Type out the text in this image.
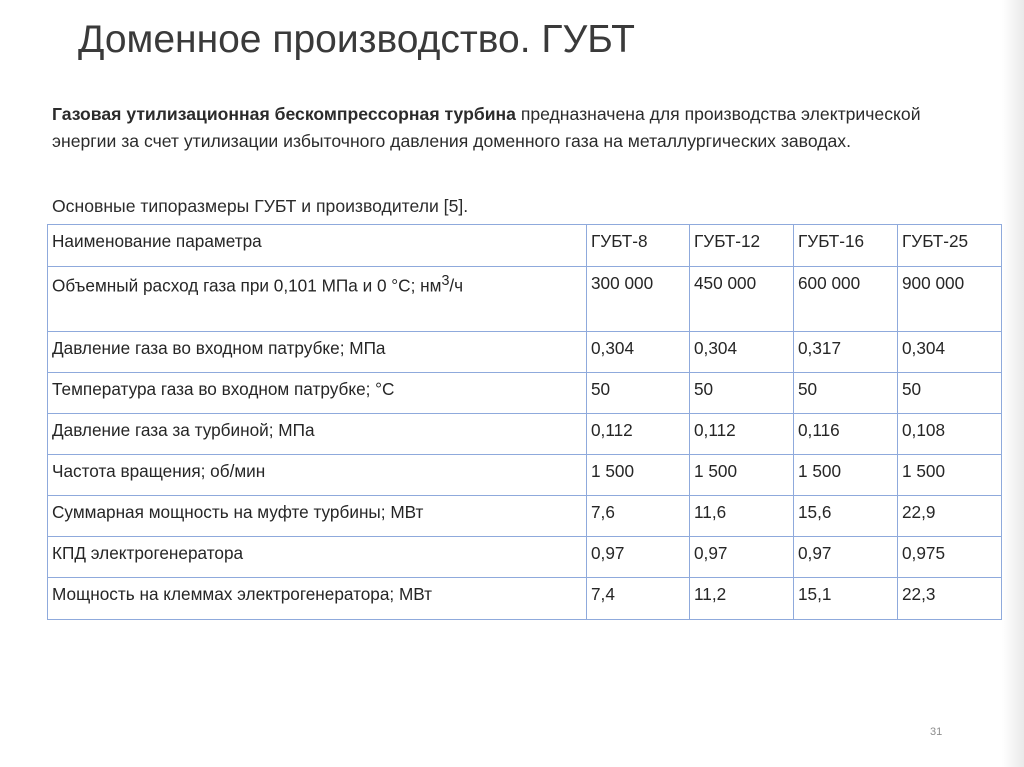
Доменное производство. ГУБТ
Газовая утилизационная бескомпрессорная турбина предназначена для производства электрической энергии за счет утилизации избыточного давления доменного газа на металлургических заводах.
Основные типоразмеры ГУБТ и производители [5].
Наименование параметра	ГУБТ-8	ГУБТ-12	ГУБТ-16	ГУБТ-25
Объемный расход газа при 0,101 МПа и 0 °С; $нм^3/ч$	300 000	450 000	600 000	900 000
Давление газа во входном патрубке; МПа	0,304	0,304	0,317	0,304
Температура газа во входном патрубке; °С	50	50	50	50
Давление газа за турбиной; МПа	0,112	0,112	0,116	0,108
Частота вращения; об/мин	1 500	1 500	1 500	1 500
Суммарная мощность на муфте турбины; МВт	7,6	11,6	15,6	22,9
КПД электрогенератора	0,97	0,97	0,97	0,975
Мощность на клеммах электрогенератора; МВт	7,4	11,2	15,1	22,3
31
